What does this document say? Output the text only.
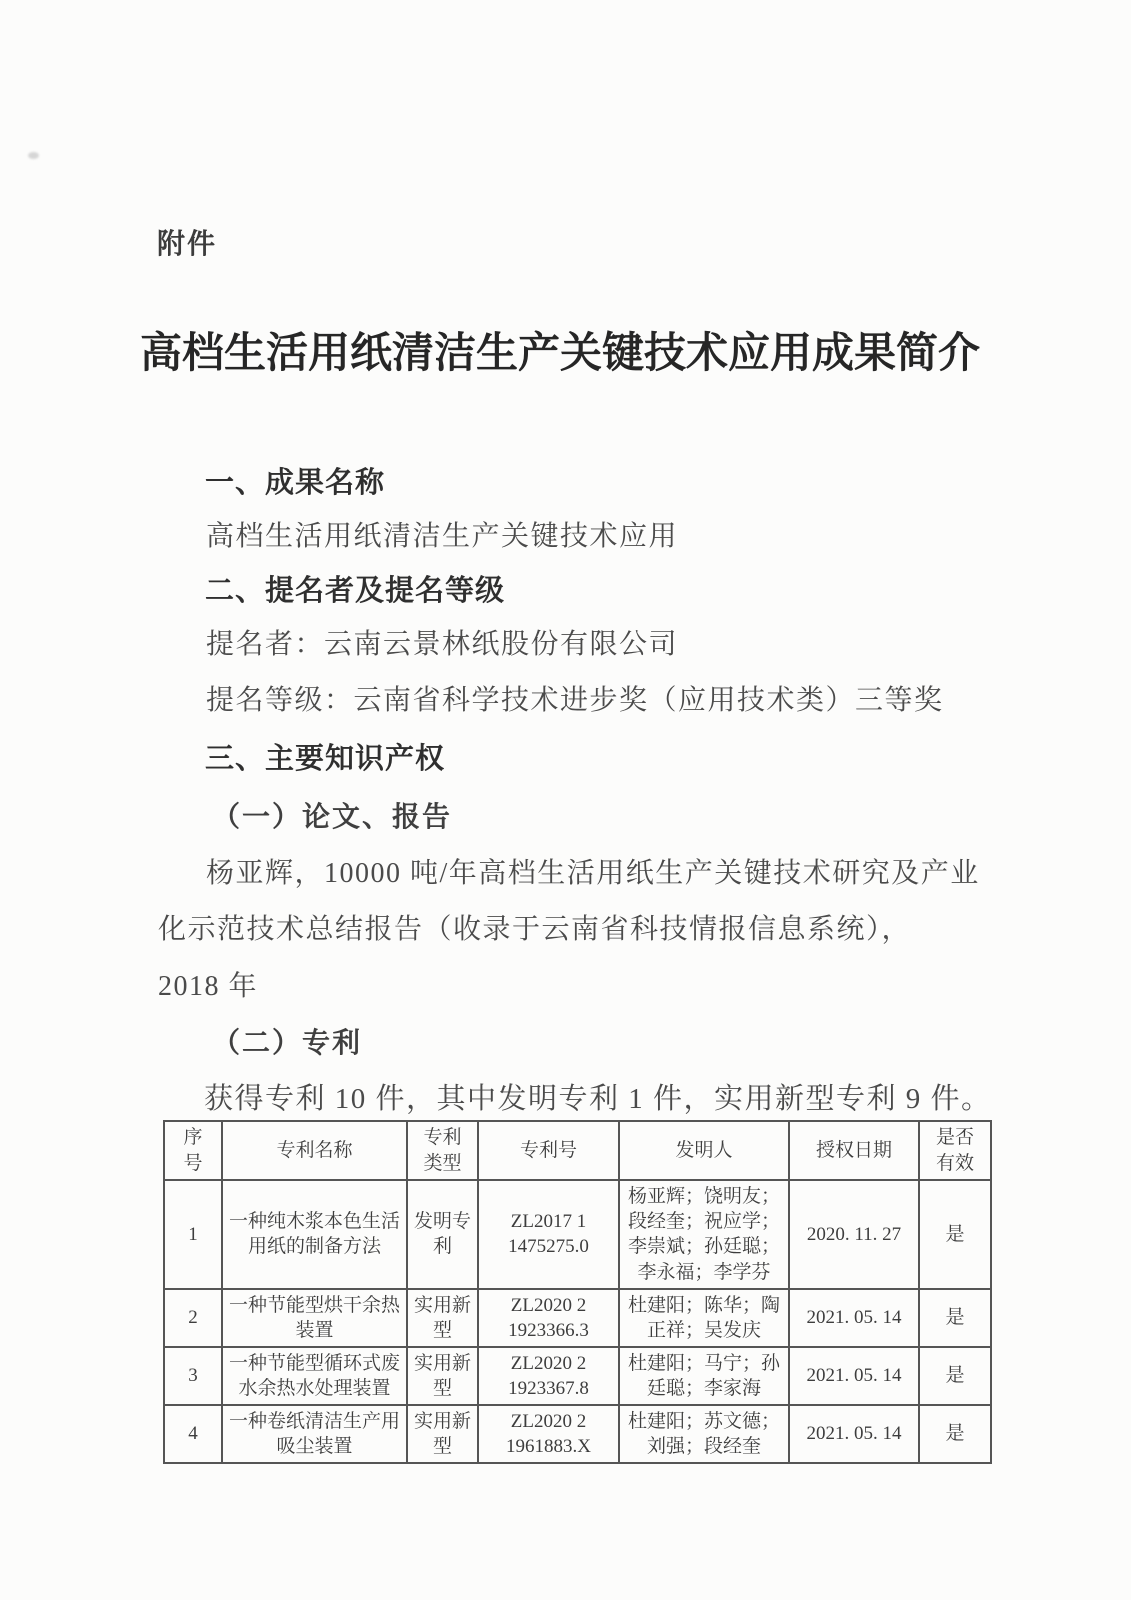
附件
高档生活用纸清洁生产关键技术应用成果简介
一、成果名称
高档生活用纸清洁生产关键技术应用
二、提名者及提名等级
提名者：云南云景林纸股份有限公司
提名等级：云南省科学技术进步奖（应用技术类）三等奖
三、主要知识产权
（一）论文、报告
杨亚辉，10000 吨/年高档生活用纸生产关键技术研究及产业
化示范技术总结报告（收录于云南省科技情报信息系统），
2018 年
（二）专利
获得专利 10 件，其中发明专利 1 件，实用新型专利 9 件。
序号	专利名称	专利类型	专利号	发明人	授权日期	是否有效
1	一种纯木浆本色生活用纸的制备方法	发明专利	ZL2017 1 1475275.0	杨亚辉；饶明友；段经奎；祝应学；李崇斌；孙廷聪；李永福；李学芬	2020. 11. 27	是
2	一种节能型烘干余热装置	实用新型	ZL2020 2 1923366.3	杜建阳；陈华；陶正祥；吴发庆	2021. 05. 14	是
3	一种节能型循环式废水余热水处理装置	实用新型	ZL2020 2 1923367.8	杜建阳；马宁；孙廷聪；李家海	2021. 05. 14	是
4	一种卷纸清洁生产用吸尘装置	实用新型	ZL2020 2 1961883.X	杜建阳；苏文德；刘强；段经奎	2021. 05. 14	是
